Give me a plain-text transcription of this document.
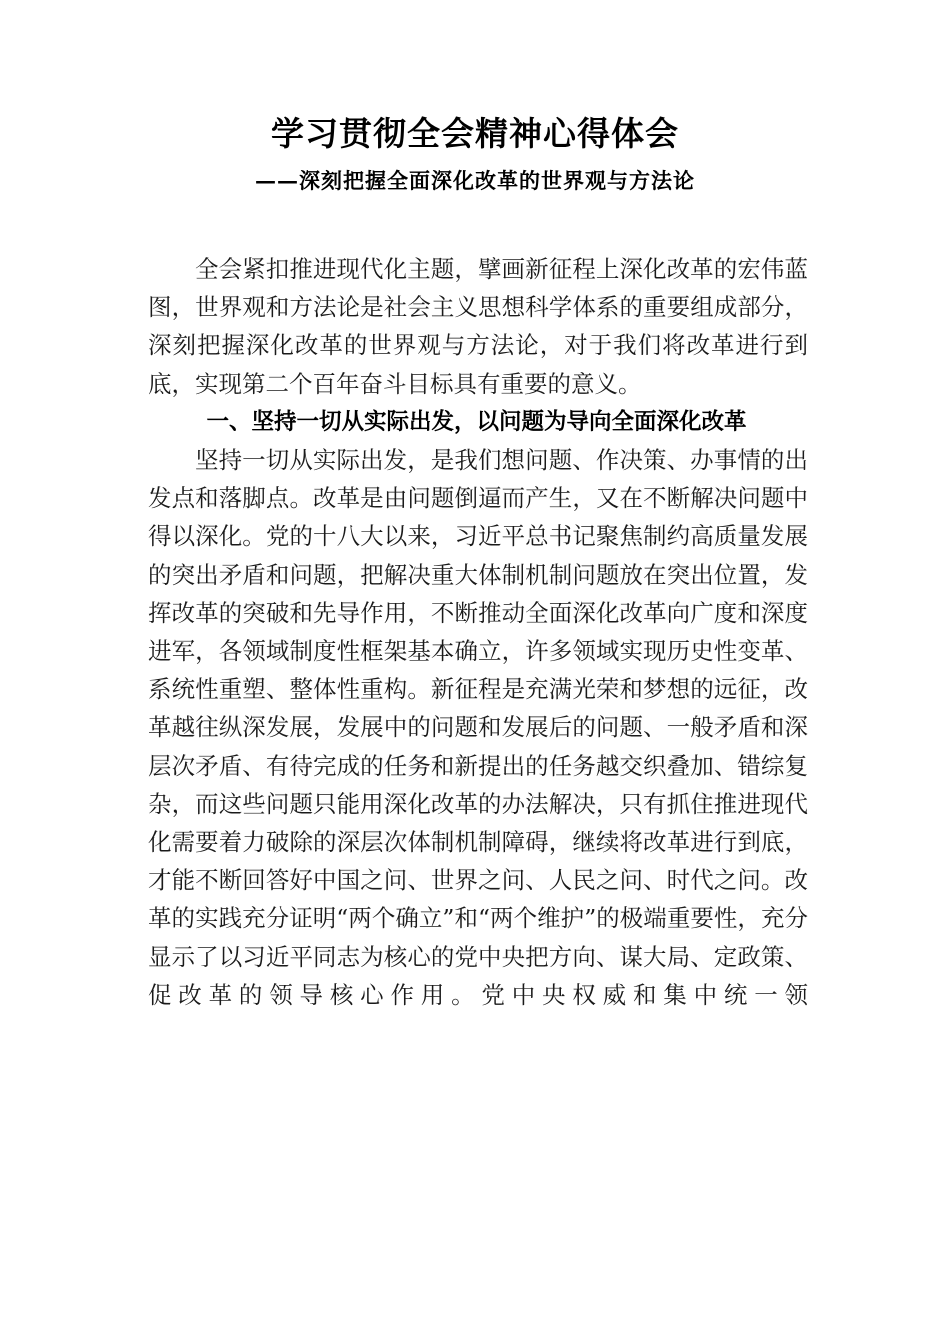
学习贯彻全会精神心得体会
——深刻把握全面深化改革的世界观与方法论

全会紧扣推进现代化主题，擘画新征程上深化改革的宏伟蓝图，世界观和方法论是社会主义思想科学体系的重要组成部分，深刻把握深化改革的世界观与方法论，对于我们将改革进行到底，实现第二个百年奋斗目标具有重要的意义。

一、坚持一切从实际出发，以问题为导向全面深化改革

坚持一切从实际出发，是我们想问题、作决策、办事情的出发点和落脚点。改革是由问题倒逼而产生，又在不断解决问题中得以深化。党的十八大以来，习近平总书记聚焦制约高质量发展的突出矛盾和问题，把解决重大体制机制问题放在突出位置，发挥改革的突破和先导作用，不断推动全面深化改革向广度和深度进军，各领域制度性框架基本确立，许多领域实现历史性变革、系统性重塑、整体性重构。新征程是充满光荣和梦想的远征，改革越往纵深发展，发展中的问题和发展后的问题、一般矛盾和深层次矛盾、有待完成的任务和新提出的任务越交织叠加、错综复杂，而这些问题只能用深化改革的办法解决，只有抓住推进现代化需要着力破除的深层次体制机制障碍，继续将改革进行到底，才能不断回答好中国之问、世界之问、人民之问、时代之问。改革的实践充分证明“两个确立”和“两个维护”的极端重要性，充分显示了以习近平同志为核心的党中央把方向、谋大局、定政策、促改革的领导核心作用。党中央权威和集中统一领
